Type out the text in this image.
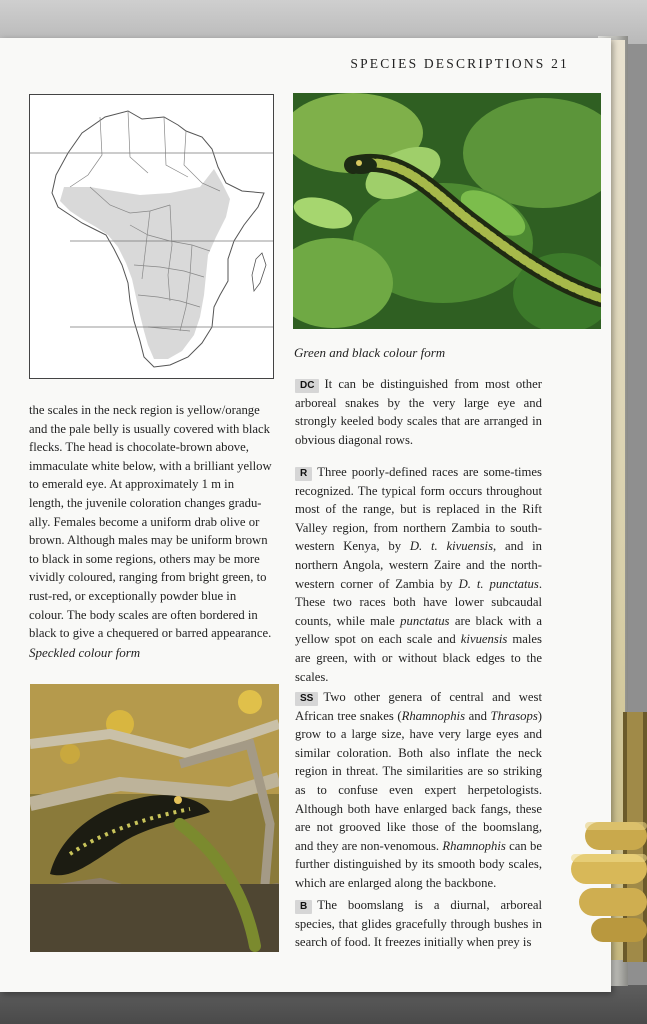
SPECIES DESCRIPTIONS 21
Green and black colour form
the scales in the neck region is yellow/orange
and the pale belly is usually covered with black
flecks. The head is chocolate-brown above,
immaculate white below, with a brilliant yellow
to emerald eye. At approximately 1 m in
length, the juvenile coloration changes gradu-
ally. Females become a uniform drab olive or
brown. Although males may be uniform brown
to black in some regions, others may be more
vividly coloured, ranging from bright green, to
rust-red, or exceptionally powder blue in
colour. The body scales are often bordered in
black to give a chequered or barred appearance.
Speckled colour form
DC It can be distinguished from most other arboreal snakes by the very large eye and strongly keeled body scales that are arranged in obvious diagonal rows.
R Three poorly-defined races are some-times recognized. The typical form occurs throughout most of the range, but is replaced in the Rift Valley region, from northern Zambia to south-western Kenya, by D. t. kivuensis, and in northern Angola, western Zaire and the north-western corner of Zambia by D. t. punctatus. These two races both have lower subcaudal counts, while male punctatus are black with a yellow spot on each scale and kivuensis males are green, with or without black edges to the scales.
SS Two other genera of central and west African tree snakes (Rhamnophis and Thrasops) grow to a large size, have very large eyes and similar coloration. Both also inflate the neck region in threat. The similarities are so striking as to confuse even expert herpetologists. Although both have enlarged back fangs, these are not grooved like those of the boomslang, and they are non-venomous. Rhamnophis can be further distinguished by its smooth body scales, which are enlarged along the backbone.
B The boomslang is a diurnal, arboreal species, that glides gracefully through bushes in search of food. It freezes initially when prey is
